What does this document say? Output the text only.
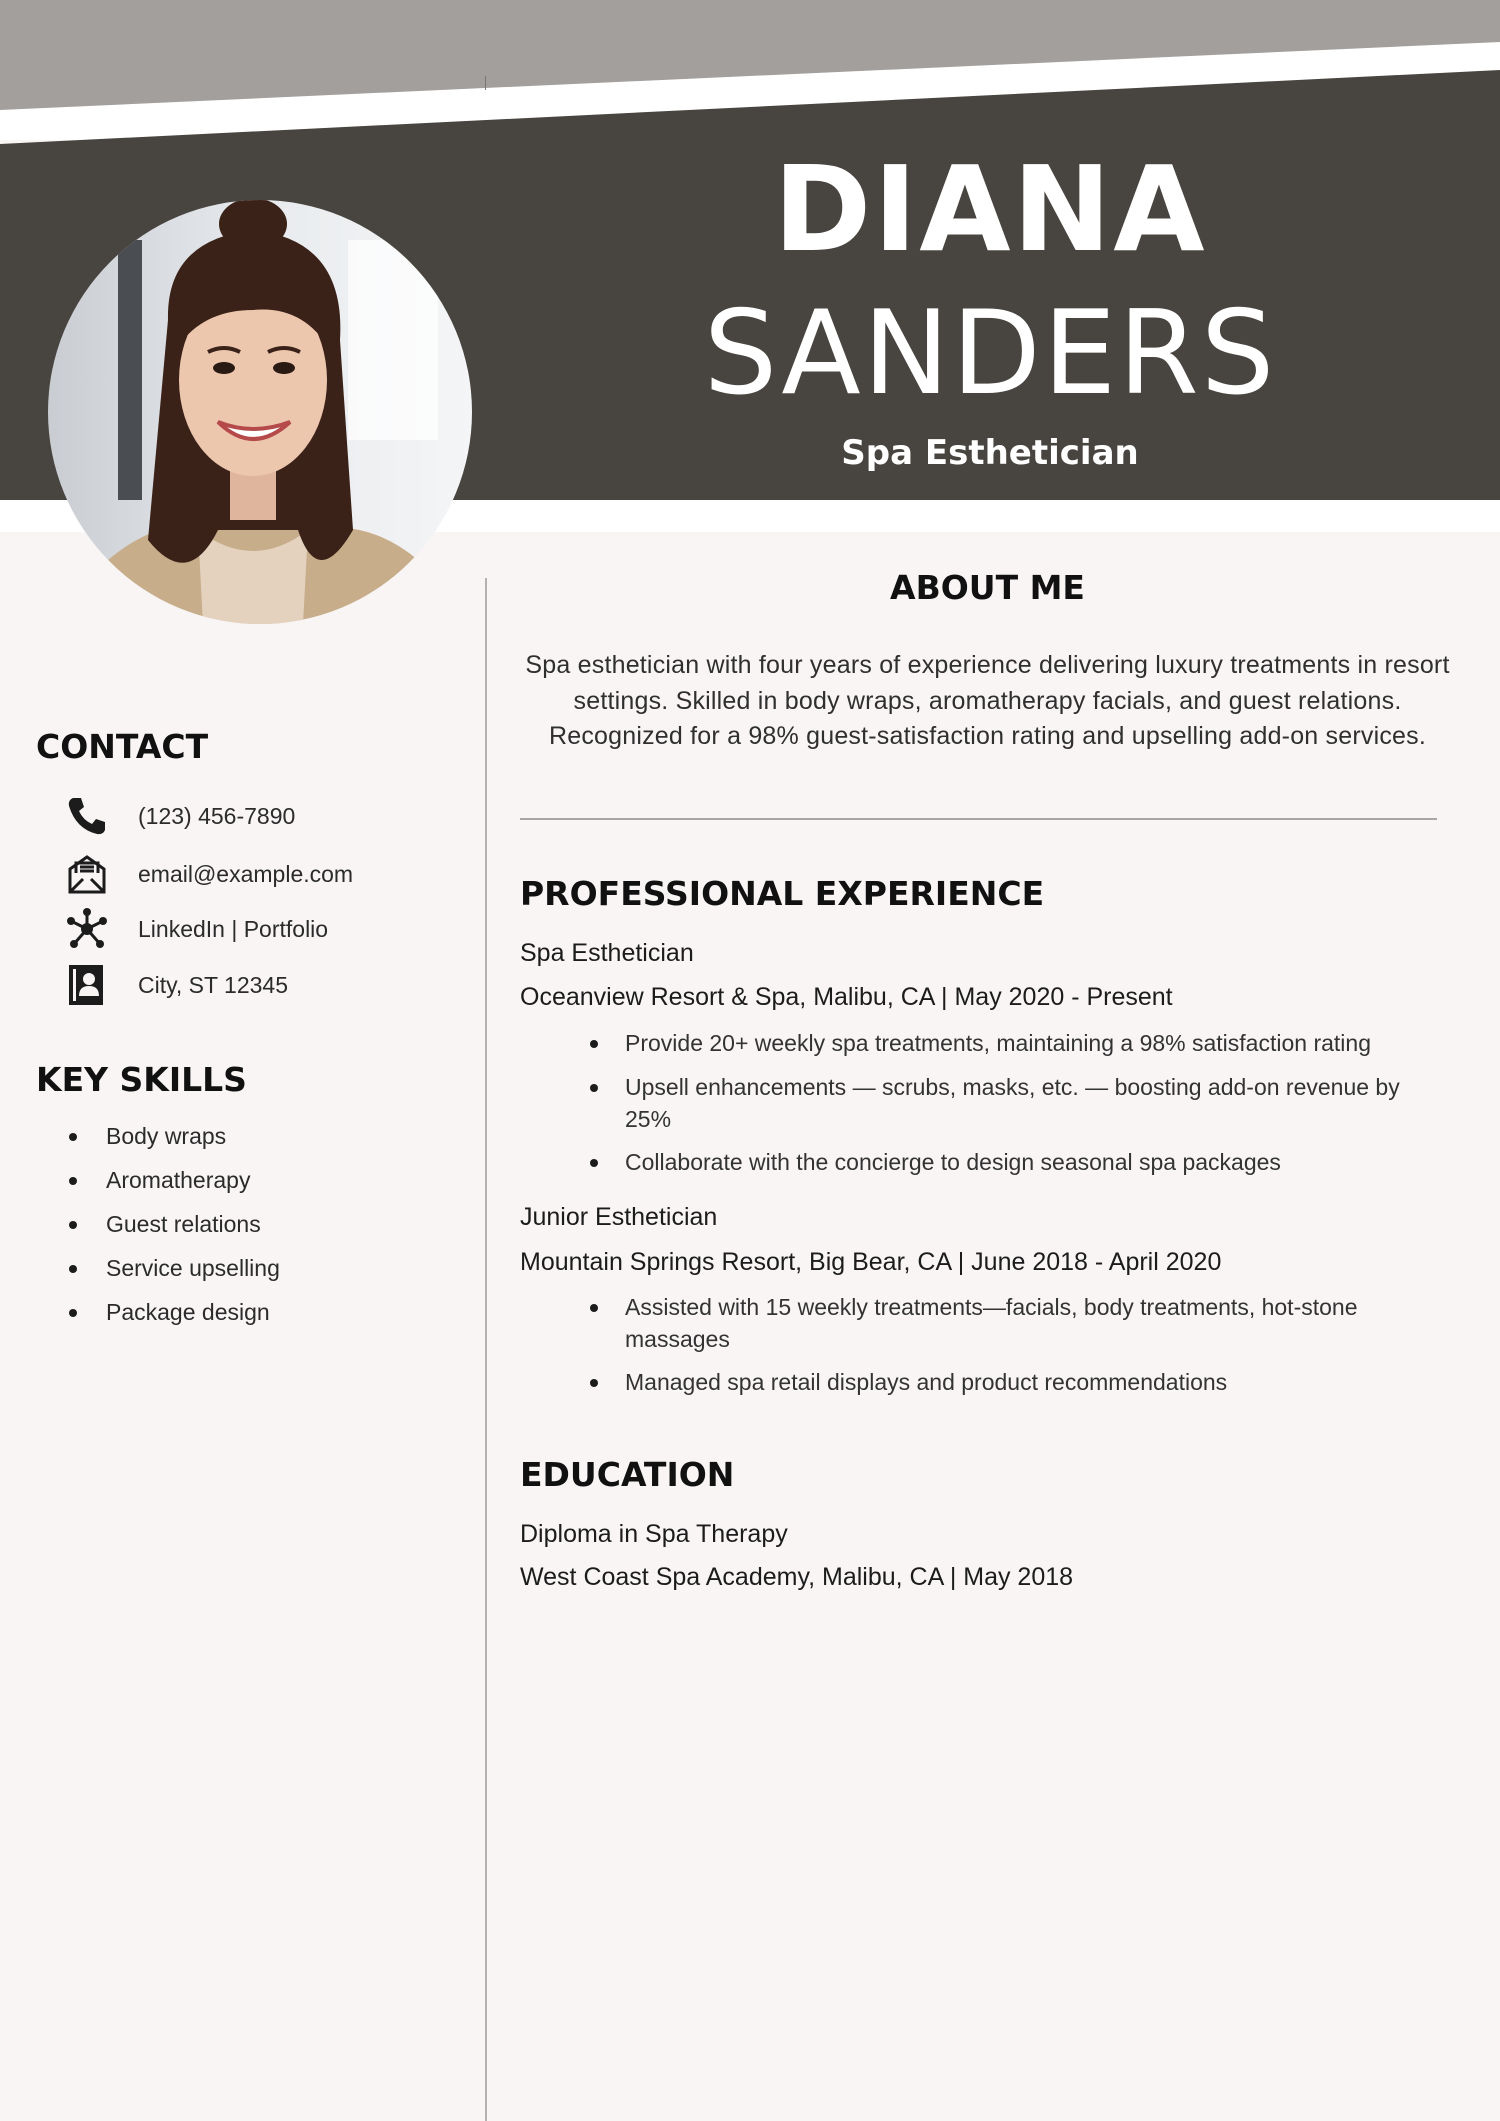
DIANA
SANDERS
Spa Esthetician
CONTACT
(123) 456-7890
email@example.com
LinkedIn | Portfolio
City, ST 12345
KEY SKILLS
Body wraps
Aromatherapy
Guest relations
Service upselling
Package design
ABOUT ME
Spa esthetician with four years of experience delivering luxury treatments in resort settings. Skilled in body wraps, aromatherapy facials, and guest relations. Recognized for a 98% guest-satisfaction rating and upselling add-on services.
PROFESSIONAL EXPERIENCE
Spa Esthetician
Oceanview Resort & Spa, Malibu, CA | May 2020 - Present
Provide 20+ weekly spa treatments, maintaining a 98% satisfaction rating
Upsell enhancements — scrubs, masks, etc. — boosting add-on revenue by 25%
Collaborate with the concierge to design seasonal spa packages
Junior Esthetician
Mountain Springs Resort, Big Bear, CA | June 2018 - April 2020
Assisted with 15 weekly treatments—facials, body treatments, hot-stone massages
Managed spa retail displays and product recommendations
EDUCATION
Diploma in Spa Therapy
West Coast Spa Academy, Malibu, CA | May 2018
